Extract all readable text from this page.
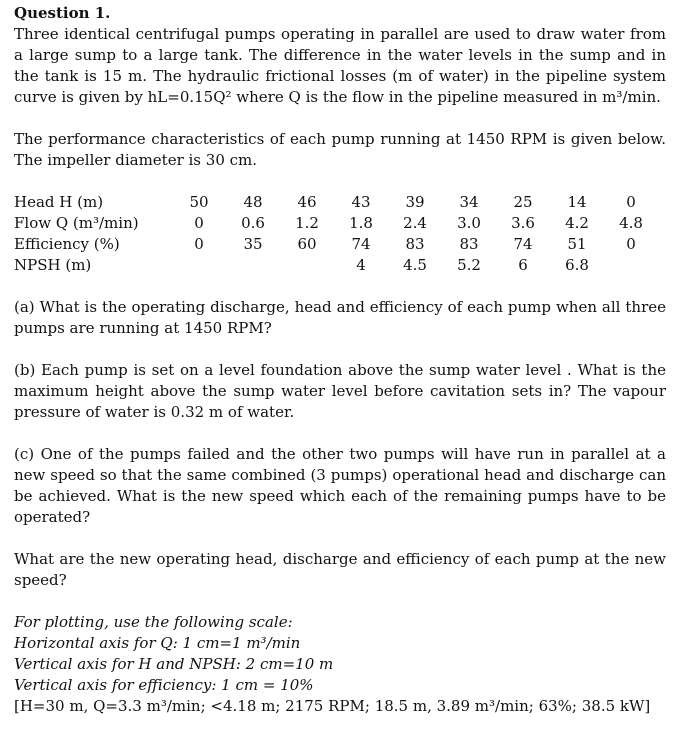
Question 1.

Three identical centrifugal pumps operating in parallel are used to draw water from a large sump to a large tank. The difference in the water levels in the sump and in the tank is 15 m. The hydraulic frictional losses (m of water) in the pipeline system curve is given by hL=0.15Q² where Q is the flow in the pipeline measured in m³/min.

The performance characteristics of each pump running at 1450 RPM is given below. The impeller diameter is 30 cm.

Head H (m)	50	48	46	43	39	34	25	14	0
Flow Q (m³/min)	0	0.6	1.2	1.8	2.4	3.0	3.6	4.2	4.8
Efficiency (%)	0	35	60	74	83	83	74	51	0
NPSH (m)				4	4.5	5.2	6	6.8	

(a) What is the operating discharge, head and efficiency of each pump when all three pumps are running at 1450 RPM?

(b) Each pump is set on a level foundation above the sump water level . What is the maximum height above the sump water level before cavitation sets in? The vapour pressure of water is 0.32 m of water.

(c) One of the pumps failed and the other two pumps will have run in parallel at a new speed so that the same combined (3 pumps) operational head and discharge can be achieved. What is the new speed which each of the remaining pumps have to be operated?

What are the new operating head, discharge and efficiency of each pump at the new speed?

For plotting, use the following scale:

Horizontal axis for Q: 1 cm=1 m³/min

Vertical axis for H and NPSH: 2 cm=10 m

Vertical axis for efficiency: 1 cm = 10%

[H=30 m, Q=3.3 m³/min; <4.18 m; 2175 RPM; 18.5 m, 3.89 m³/min; 63%; 38.5 kW]
